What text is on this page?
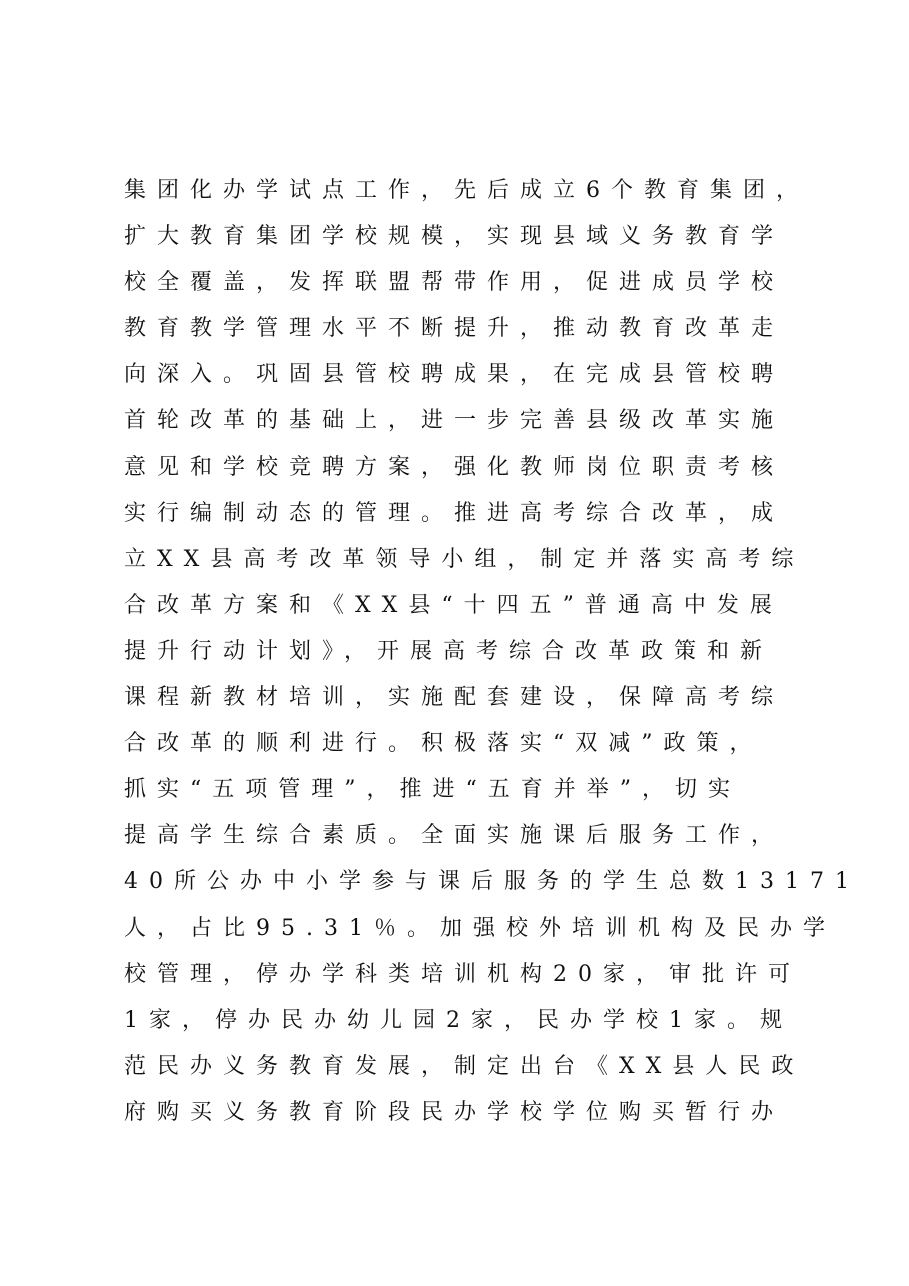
集团化办学试点工作，先后成立6个教育集团，
扩大教育集团学校规模，实现县域义务教育学
校全覆盖，发挥联盟帮带作用，促进成员学校
教育教学管理水平不断提升，推动教育改革走
向深入。巩固县管校聘成果，在完成县管校聘
首轮改革的基础上，进一步完善县级改革实施
意见和学校竞聘方案，强化教师岗位职责考核
实行编制动态的管理。推进高考综合改革，成
立XX县高考改革领导小组，制定并落实高考综
合改革方案和《XX县“十四五”普通高中发展
提升行动计划》，开展高考综合改革政策和新
课程新教材培训，实施配套建设，保障高考综
合改革的顺利进行。积极落实“双减”政策，
抓实“五项管理”，推进“五育并举”，切实
提高学生综合素质。全面实施课后服务工作，
40所公办中小学参与课后服务的学生总数13171
人，占比95.31％。加强校外培训机构及民办学
校管理，停办学科类培训机构20家，审批许可
1家，停办民办幼儿园2家，民办学校1家。规
范民办义务教育发展，制定出台《XX县人民政
府购买义务教育阶段民办学校学位购买暂行办
